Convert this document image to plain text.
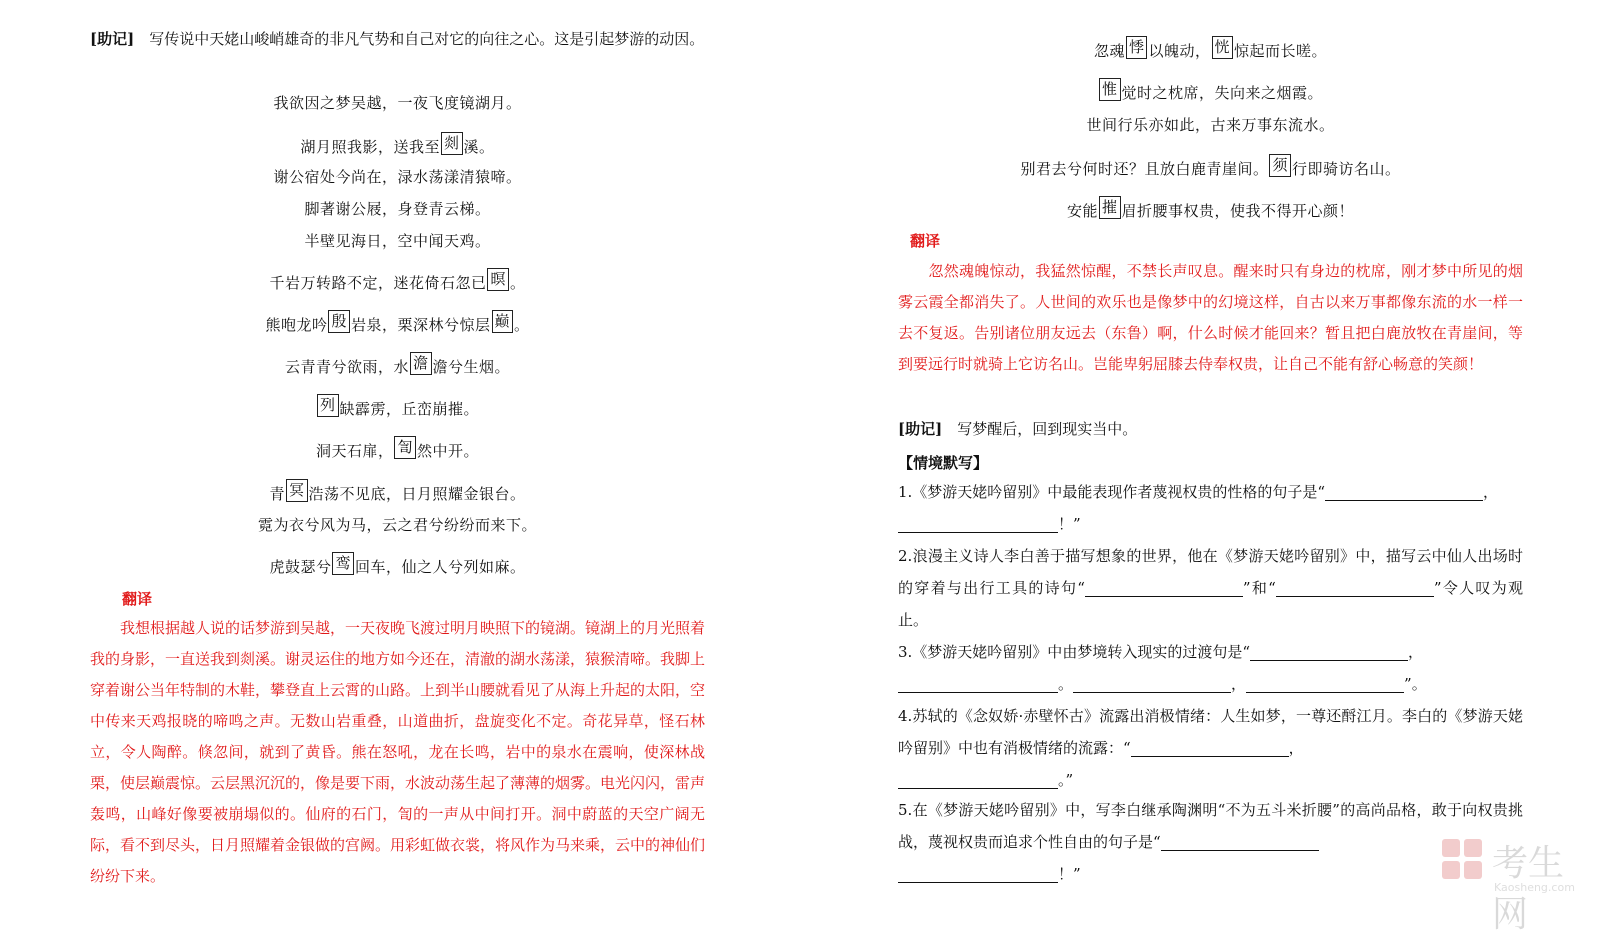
[助记]　写传说中天姥山峻峭雄奇的非凡气势和自己对它的向往之心。这是引起梦游的动因。
我欲因之梦吴越，一夜飞度镜湖月。
湖月照我影，送我至 剡 溪。
谢公宿处今尚在，渌水荡漾清猿啼。
脚著谢公屐，身登青云梯。
半壁见海日，空中闻天鸡。
千岩万转路不定，迷花倚石忽已 暝 。
熊咆龙吟 殷 岩泉，栗深林兮惊层 巅 。
云青青兮欲雨，水 澹 澹兮生烟。
列 缺霹雳，丘峦崩摧。
洞天石扉， 訇 然中开。
青 冥 浩荡不见底，日月照耀金银台。
霓为衣兮风为马，云之君兮纷纷而来下。
虎鼓瑟兮 鸾 回车，仙之人兮列如麻。
翻译
　　我想根据越人说的话梦游到吴越，一天夜晚飞渡过明月映照下的镜湖。镜湖上的月光照着我的身影，一直送我到剡溪。谢灵运住的地方如今还在，清澈的湖水荡漾，猿猴清啼。我脚上穿着谢公当年特制的木鞋，攀登直上云霄的山路。上到半山腰就看见了从海上升起的太阳，空中传来天鸡报晓的啼鸣之声。无数山岩重叠，山道曲折，盘旋变化不定。奇花异草，怪石林立，令人陶醉。倏忽间，就到了黄昏。熊在怒吼，龙在长鸣，岩中的泉水在震响，使深林战栗，使层巅震惊。云层黑沉沉的，像是要下雨，水波动荡生起了薄薄的烟雾。电光闪闪，雷声轰鸣，山峰好像要被崩塌似的。仙府的石门，訇的一声从中间打开。洞中蔚蓝的天空广阔无际，看不到尽头，日月照耀着金银做的宫阙。用彩虹做衣裳，将风作为马来乘，云中的神仙们纷纷下来。
忽魂 悸 以魄动， 恍 惊起而长嗟。
惟 觉时之枕席，失向来之烟霞。
世间行乐亦如此，古来万事东流水。
别君去兮何时还？且放白鹿青崖间。 须 行即骑访名山。
安能 摧 眉折腰事权贵，使我不得开心颜！
翻译
　　忽然魂魄惊动，我猛然惊醒，不禁长声叹息。醒来时只有身边的枕席，刚才梦中所见的烟雾云霞全都消失了。人世间的欢乐也是像梦中的幻境这样，自古以来万事都像东流的水一样一去不复返。告别诸位朋友远去（东鲁）啊，什么时候才能回来？暂且把白鹿放牧在青崖间，等到要远行时就骑上它访名山。岂能卑躬屈膝去侍奉权贵，让自己不能有舒心畅意的笑颜！
[助记]　写梦醒后，回到现实当中。
【情境默写】
1.《梦游天姥吟留别》中最能表现作者蔑视权贵的性格的句子是“	，
！”
2.浪漫主义诗人李白善于描写想象的世界，他在《梦游天姥吟留别》中，描写云中仙人出场时的穿着与出行工具的诗句“	”和“	”令人叹为观止。
3.《梦游天姥吟留别》中由梦境转入现实的过渡句是“	，
。	，	”。
4.苏轼的《念奴娇·赤壁怀古》流露出消极情绪：人生如梦，一尊还酹江月。李白的《梦游天姥吟留别》中也有消极情绪的流露：“	，
。”
5.在《梦游天姥吟留别》中，写李白继承陶渊明“不为五斗米折腰”的高尚品格，敢于向权贵挑战，蔑视权贵而追求个性自由的句子是“
！”	考生网
Kaosheng.com
